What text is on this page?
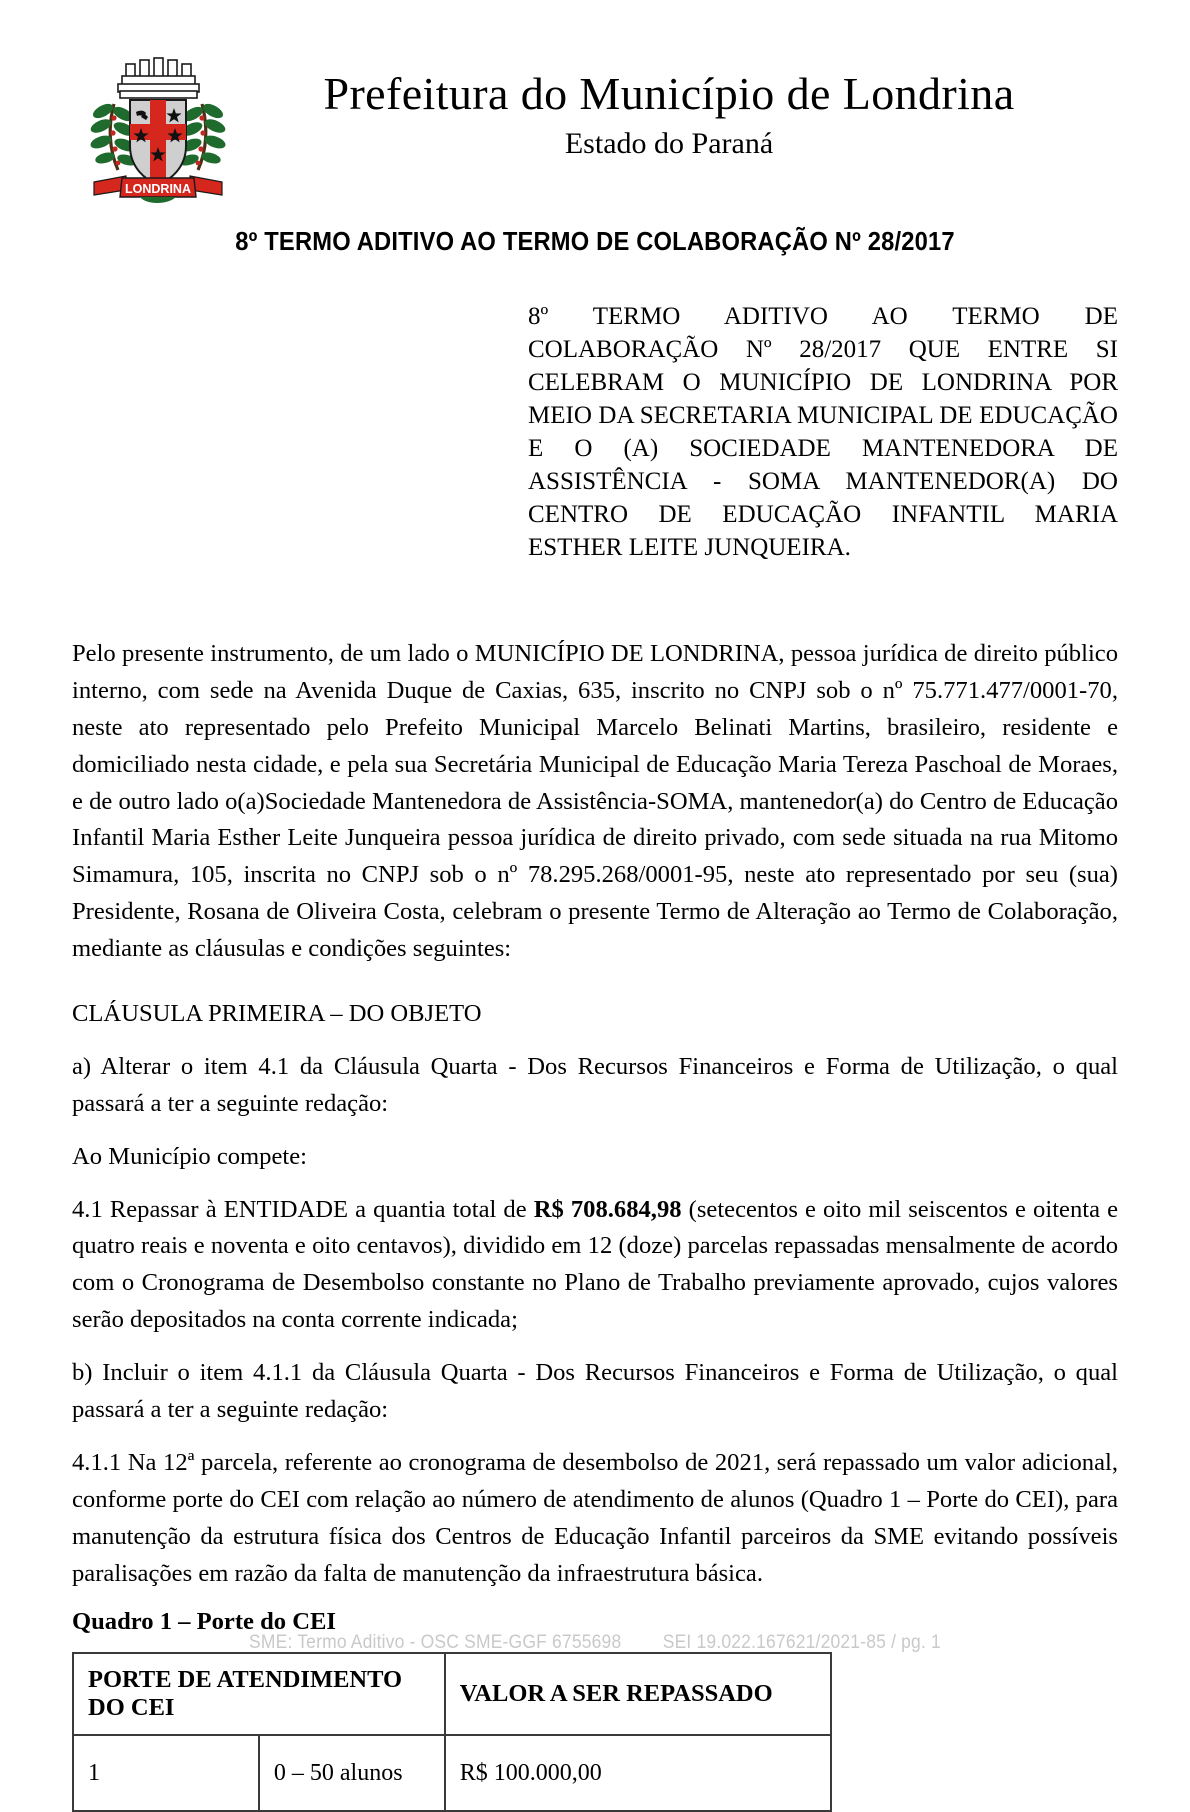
LONDRINA
Prefeitura do Município de Londrina
Estado do Paraná
8º TERMO ADITIVO AO TERMO DE COLABORAÇÃO Nº 28/2017
8º TERMO ADITIVO AO TERMO DE COLABORAÇÃO Nº 28/2017 QUE ENTRE SI CELEBRAM O MUNICÍPIO DE LONDRINA POR MEIO DA SECRETARIA MUNICIPAL DE EDUCAÇÃO E O (A) SOCIEDADE MANTENEDORA DE ASSISTÊNCIA - SOMA MANTENEDOR(A) DO CENTRO DE EDUCAÇÃO INFANTIL MARIA ESTHER LEITE JUNQUEIRA.

Pelo presente instrumento, de um lado o MUNICÍPIO DE LONDRINA, pessoa jurídica de direito público interno, com sede na Avenida Duque de Caxias, 635, inscrito no CNPJ sob o nº 75.771.477/0001-70, neste ato representado pelo Prefeito Municipal Marcelo Belinati Martins, brasileiro, residente e domiciliado nesta cidade, e pela sua Secretária Municipal de Educação Maria Tereza Paschoal de Moraes, e de outro lado o(a)Sociedade Mantenedora de Assistência-SOMA, mantenedor(a) do Centro de Educação Infantil Maria Esther Leite Junqueira pessoa jurídica de direito privado, com sede situada na rua Mitomo Simamura, 105, inscrita no CNPJ sob o nº 78.295.268/0001-95, neste ato representado por seu (sua) Presidente, Rosana de Oliveira Costa, celebram o presente Termo de Alteração ao Termo de Colaboração, mediante as cláusulas e condições seguintes:

CLÁUSULA PRIMEIRA – DO OBJETO

a) Alterar o item 4.1 da Cláusula Quarta - Dos Recursos Financeiros e Forma de Utilização, o qual passará a ter a seguinte redação:

Ao Município compete:

4.1 Repassar à ENTIDADE a quantia total de R$ 708.684,98 (setecentos e oito mil seiscentos e oitenta e quatro reais e noventa e oito centavos), dividido em 12 (doze) parcelas repassadas mensalmente de acordo com o Cronograma de Desembolso constante no Plano de Trabalho previamente aprovado, cujos valores serão depositados na conta corrente indicada;

b) Incluir o item 4.1.1 da Cláusula Quarta - Dos Recursos Financeiros e Forma de Utilização, o qual passará a ter a seguinte redação:

4.1.1 Na 12ª parcela, referente ao cronograma de desembolso de 2021, será repassado um valor adicional, conforme porte do CEI com relação ao número de atendimento de alunos (Quadro 1 – Porte do CEI), para manutenção da estrutura física dos Centros de Educação Infantil parceiros da SME evitando possíveis paralisações em razão da falta de manutenção da infraestrutura básica.

Quadro 1 – Porte do CEI

PORTE DE ATENDIMENTO DO CEI		VALOR A SER REPASSADO
1	0 – 50 alunos	R$ 100.000,00
SME: Termo Aditivo - OSC SME-GGF 6755698 SEI 19.022.167621/2021-85 / pg. 1
